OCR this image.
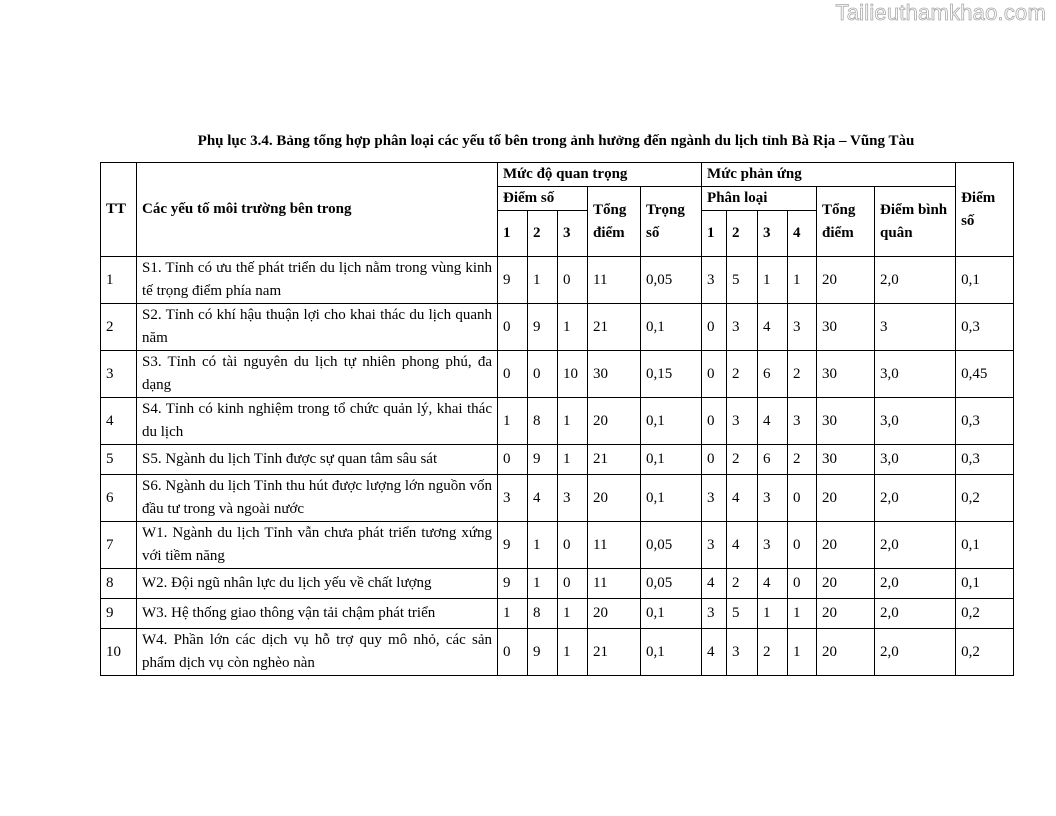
Tailieuthamkhao.com
Phụ lục 3.4. Bảng tổng hợp phân loại các yếu tố bên trong ảnh hưởng đến ngành du lịch tỉnh Bà Rịa – Vũng Tàu
TT	Các yếu tố môi trường bên trong	Mức độ quan trọng					Mức phản ứng						Điểm số
		Điểm số			Tổng điểm	Trọng số	Phân loại				Tổng điểm	Điểm bình quân	
		1	2	3			1	2	3	4			
1	S1. Tỉnh có ưu thế phát triển du lịch nằm trong vùng kinh tế trọng điểm phía nam	9	1	0	11	0,05	3	5	1	1	20	2,0	0,1
2	S2. Tỉnh có khí hậu thuận lợi cho khai thác du lịch quanh năm	0	9	1	21	0,1	0	3	4	3	30	3	0,3
3	S3. Tỉnh có tài nguyên du lịch tự nhiên phong phú, đa dạng	0	0	10	30	0,15	0	2	6	2	30	3,0	0,45
4	S4. Tỉnh có kinh nghiệm trong tổ chức quản lý, khai thác du lịch	1	8	1	20	0,1	0	3	4	3	30	3,0	0,3
5	S5. Ngành du lịch Tỉnh được sự quan tâm sâu sát	0	9	1	21	0,1	0	2	6	2	30	3,0	0,3
6	S6. Ngành du lịch Tỉnh thu hút được lượng lớn nguồn vốn đầu tư trong và ngoài nước	3	4	3	20	0,1	3	4	3	0	20	2,0	0,2
7	W1. Ngành du lịch Tỉnh vẫn chưa phát triển tương xứng với tiềm năng	9	1	0	11	0,05	3	4	3	0	20	2,0	0,1
8	W2. Đội ngũ nhân lực du lịch yếu về chất lượng	9	1	0	11	0,05	4	2	4	0	20	2,0	0,1
9	W3. Hệ thống giao thông vận tải chậm phát triển	1	8	1	20	0,1	3	5	1	1	20	2,0	0,2
10	W4. Phần lớn các dịch vụ hỗ trợ quy mô nhỏ, các sản phẩm dịch vụ còn nghèo nàn	0	9	1	21	0,1	4	3	2	1	20	2,0	0,2
